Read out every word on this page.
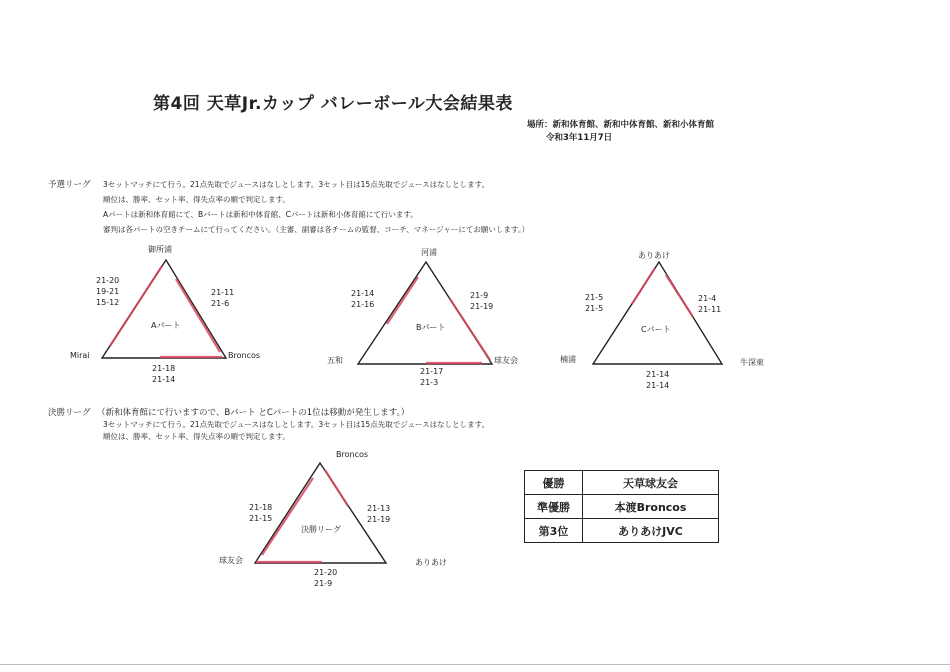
第4回 天草Jr.カップ バレーボール大会結果表
場所：新和体育館、新和中体育館、新和小体育館
令和3年11月7日
予選リーグ 3セットマッチにて行う。21点先取でジュースはなしとします。3セット目は15点先取でジュースはなしとします。
順位は、勝率、セット率、得失点率の順で判定します。
Aパートは新和体育館にて、Bパートは新和中体育館、Cパートは新和小体育館にて行います。
審判は各パートの空きチームにて行ってください。（主審、副審は各チームの監督、コーチ、マネージャーにてお願いします。）
御所浦
Mirai	Broncos
Aパート
21-20
19-21
15-12
21-11
21-6
21-18
21-14
河浦
五和	球友会
Bパート
21-14
21-16
21-9
21-19
21-17
21-3
ありあけ
楠浦	牛深東
Cパート
21-5
21-5
21-4
21-11
21-14
21-14
決勝リーグ （新和体育館にて行いますので、Bパート とCパートの1位は移動が発生します。）
3セットマッチにて行う。21点先取でジュースはなしとします。3セット目は15点先取でジュースはなしとします。
順位は、勝率、セット率、得失点率の順で判定します。
Broncos
球友会	ありあけ
決勝リーグ
21-18
21-15
21-13
21-19
21-20
21-9
優勝	天草球友会
準優勝	本渡Broncos
第3位	ありあけJVC
